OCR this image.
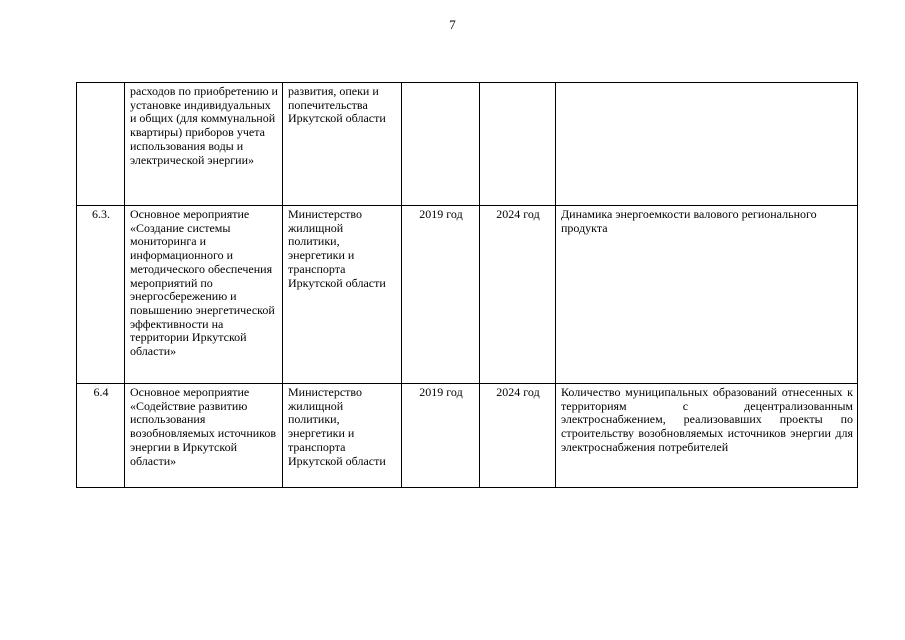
7
	расходов по приобретению и установке индивидуальных и общих (для коммунальной квартиры) приборов учета использования воды и электрической энергии»	развития, опеки и попечительства Иркутской области			
6.3.	Основное мероприятие «Создание системы мониторинга и информационного и методического обеспечения мероприятий по энергосбережению и повышению энергетической эффективности на территории Иркутской области»	Министерство жилищной политики, энергетики и транспорта Иркутской области	2019 год	2024 год	Динамика энергоемкости валового регионального продукта
6.4	Основное мероприятие «Содействие развитию использования возобновляемых источников энергии в Иркутской области»	Министерство жилищной политики, энергетики и транспорта Иркутской области	2019 год	2024 год	Количество муниципальных образований отнесенных к территориям с децентрализованным электроснабжением, реализовавших проекты по строительству возобновляемых источников энергии для электроснабжения потребителей
